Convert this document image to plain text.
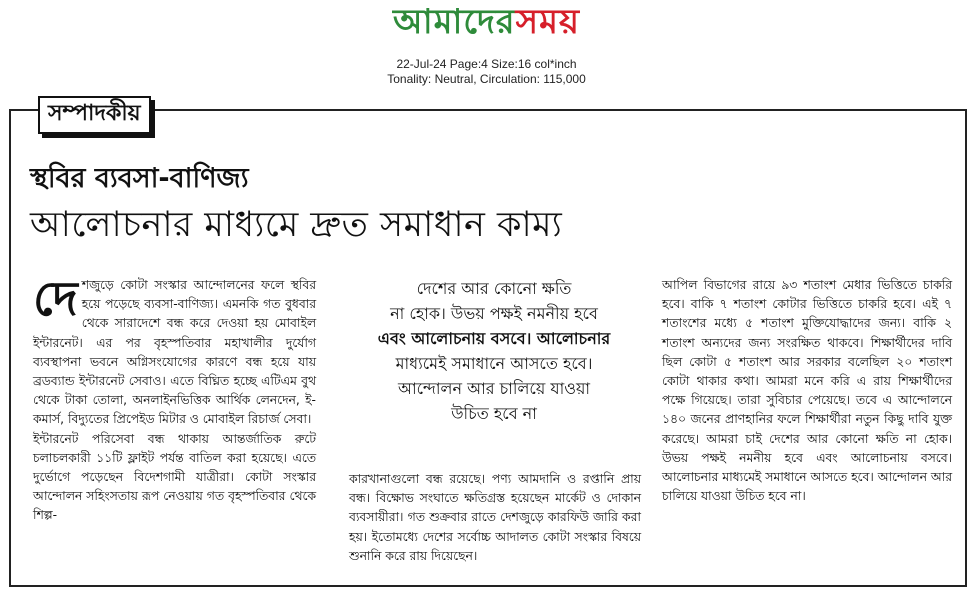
আমাদেরসময়
22-Jul-24 Page:4 Size:16 col*inch
Tonality: Neutral, Circulation: 115,000
সম্পাদকীয়
স্থবির ব্যবসা-বাণিজ্য
আলোচনার মাধ্যমে দ্রুত সমাধান কাম্য

দেশজুড়ে কোটা সংস্কার আন্দোলনের ফলে স্থবির হয়ে পড়েছে ব্যবসা-বাণিজ্য। এমনকি গত বুধবার থেকে সারাদেশে বন্ধ করে দেওয়া হয় মোবাইল ইন্টারনেট। এর পর বৃহস্পতিবার মহাখালীর দুর্যোগ ব্যবস্থাপনা ভবনে অগ্নিসংযোগের কারণে বন্ধ হয়ে যায় ব্রডব্যান্ড ইন্টারনেট সেবাও। এতে বিঘ্নিত হচ্ছে এটিএম বুথ থেকে টাকা তোলা, অনলাইনভিত্তিক আর্থিক লেনদেন, ই-কমার্স, বিদ্যুতের প্রিপেইড মিটার ও মোবাইল রিচার্জ সেবা।

ইন্টারনেট পরিসেবা বন্ধ থাকায় আন্তর্জাতিক রুটে চলাচলকারী ১১টি ফ্লাইট পর্যন্ত বাতিল করা হয়েছে। এতে দুর্ভোগে পড়েছেন বিদেশগামী যাত্রীরা। কোটা সংস্কার আন্দোলন সহিংসতায় রূপ নেওয়ায় গত বৃহস্পতিবার থেকে শিল্প-

দেশের আর কোনো ক্ষতি
না হোক। উভয় পক্ষই নমনীয় হবে
এবং আলোচনায় বসবে। আলোচনার
মাধ্যমেই সমাধানে আসতে হবে।
আন্দোলন আর চালিয়ে যাওয়া
উচিত হবে না

কারখানাগুলো বন্ধ রয়েছে। পণ্য আমদানি ও রপ্তানি প্রায় বন্ধ। বিক্ষোভ সংঘাতে ক্ষতিগ্রস্ত হয়েছেন মার্কেট ও দোকান ব্যবসায়ীরা। গত শুক্রবার রাতে দেশজুড়ে কারফিউ জারি করা হয়। ইতোমধ্যে দেশের সর্বোচ্চ আদালত কোটা সংস্কার বিষয়ে শুনানি করে রায় দিয়েছেন।

আপিল বিভাগের রায়ে ৯৩ শতাংশ মেধার ভিত্তিতে চাকরি হবে। বাকি ৭ শতাংশ কোটার ভিত্তিতে চাকরি হবে। এই ৭ শতাংশের মধ্যে ৫ শতাংশ মুক্তিযোদ্ধাদের জন্য। বাকি ২ শতাংশ অন্যদের জন্য সংরক্ষিত থাকবে। শিক্ষার্থীদের দাবি ছিল কোটা ৫ শতাংশ আর সরকার বলেছিল ২০ শতাংশ কোটা থাকার কথা। আমরা মনে করি এ রায় শিক্ষার্থীদের পক্ষে গিয়েছে। তারা সুবিচার পেয়েছে। তবে এ আন্দোলনে ১৪০ জনের প্রাণহানির ফলে শিক্ষার্থীরা নতুন কিছু দাবি যুক্ত করেছে। আমরা চাই দেশের আর কোনো ক্ষতি না হোক। উভয় পক্ষই নমনীয় হবে এবং আলোচনায় বসবে। আলোচনার মাধ্যমেই সমাধানে আসতে হবে। আন্দোলন আর চালিয়ে যাওয়া উচিত হবে না।
